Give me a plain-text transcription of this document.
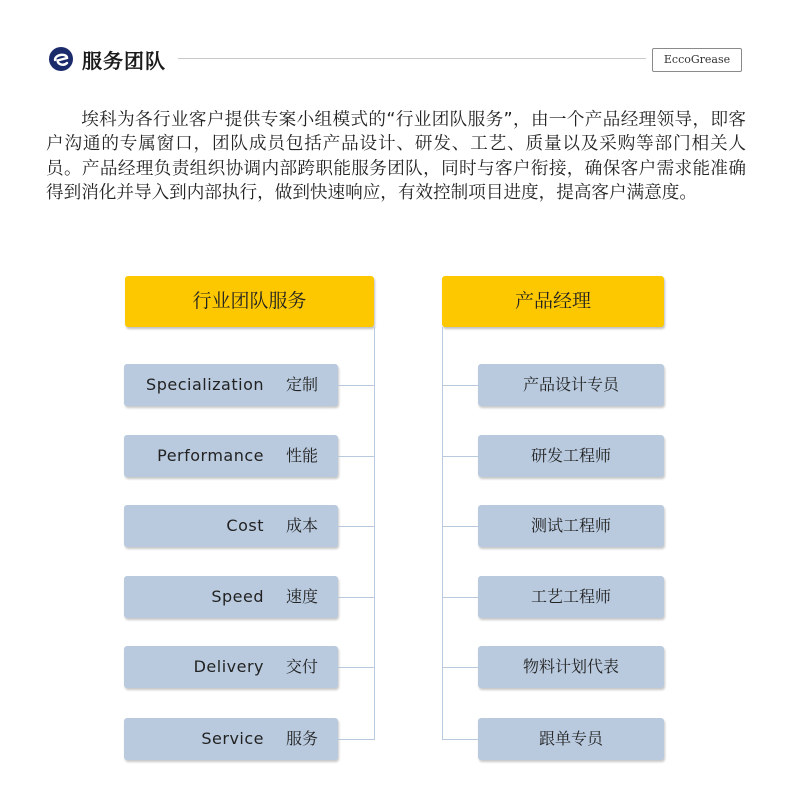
服务团队	EccoGrease

埃科为各行业客户提供专案小组模式的“行业团队服务”，由一个产品经理领导，即客户沟通的专属窗口，团队成员包括产品设计、研发、工艺、质量以及采购等部门相关人员。产品经理负责组织协调内部跨职能服务团队，同时与客户衔接，确保客户需求能准确得到消化并导入到内部执行，做到快速响应，有效控制项目进度，提高客户满意度。

行业团队服务
Specialization 定制
Performance 性能
Cost 成本
Speed 速度
Delivery 交付
Service 服务
产品经理
产品设计专员
研发工程师
测试工程师
工艺工程师
物料计划代表
跟单专员
